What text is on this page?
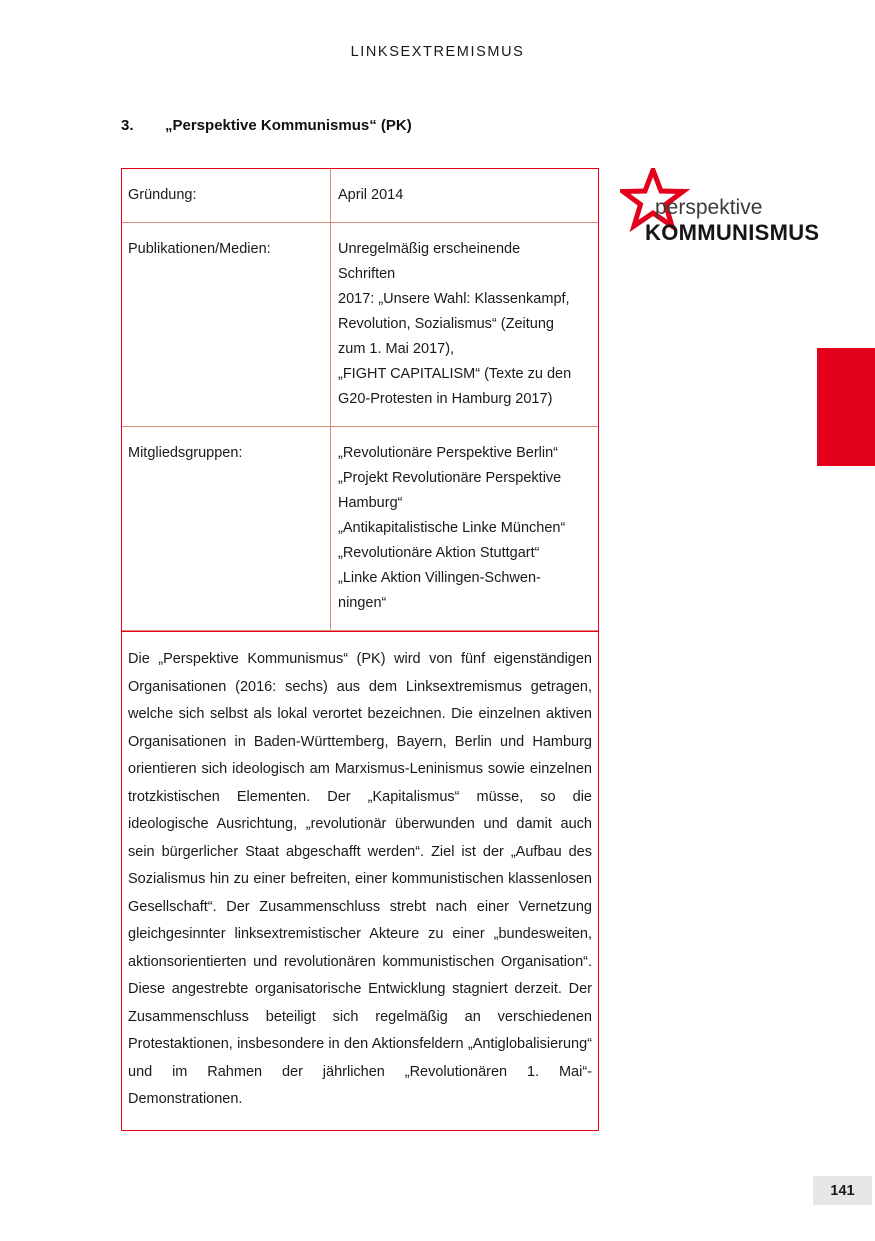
LINKSEXTREMISMUS
3. „Perspektive Kommunismus“ (PK)
Gründung:	April 2014
Publikationen/Medien:	Unregelmäßig erscheinende
Schriften
2017: „Unsere Wahl: Klassenkampf,
Revolution, Sozialismus“ (Zeitung
zum 1. Mai 2017),
„FIGHT CAPITALISM“ (Texte zu den
G20-Protesten in Hamburg 2017)
Mitgliedsgruppen:	„Revolutionäre Perspektive Berlin“
„Projekt Revolutionäre Perspektive
Hamburg“
„Antikapitalistische Linke München“
„Revolutionäre Aktion Stuttgart“
„Linke Aktion Villingen-Schwen-
ningen“
Die „Perspektive Kommunismus“ (PK) wird von fünf eigenständigen Organisationen (2016: sechs) aus dem Linksextremismus getragen, welche sich selbst als lokal verortet bezeichnen. Die einzelnen aktiven Organisationen in Baden-Württemberg, Bayern, Berlin und Hamburg orientieren sich ideologisch am Marxismus-Leninismus sowie einzelnen trotzkistischen Elementen. Der „Kapitalismus“ müsse, so die ideologische Ausrichtung, „revolutionär überwunden und damit auch sein bürgerlicher Staat abgeschafft werden“. Ziel ist der „Aufbau des Sozialismus hin zu einer befreiten, einer kommunistischen klassenlosen Gesellschaft“. Der Zusammenschluss strebt nach einer Vernetzung gleichgesinnter linksextremistischer Akteure zu einer „bundesweiten, aktionsorientierten und revolutionären kommunistischen Organisation“. Diese angestrebte organisatorische Entwicklung stagniert derzeit. Der Zusammenschluss beteiligt sich regelmäßig an verschiedenen Protestaktionen, insbesondere in den Aktionsfeldern „Antiglobalisierung“ und im Rahmen der jährlichen „Revolutionären 1. Mai“-Demonstrationen.
perspektive
KOMMUNISMUS
141
